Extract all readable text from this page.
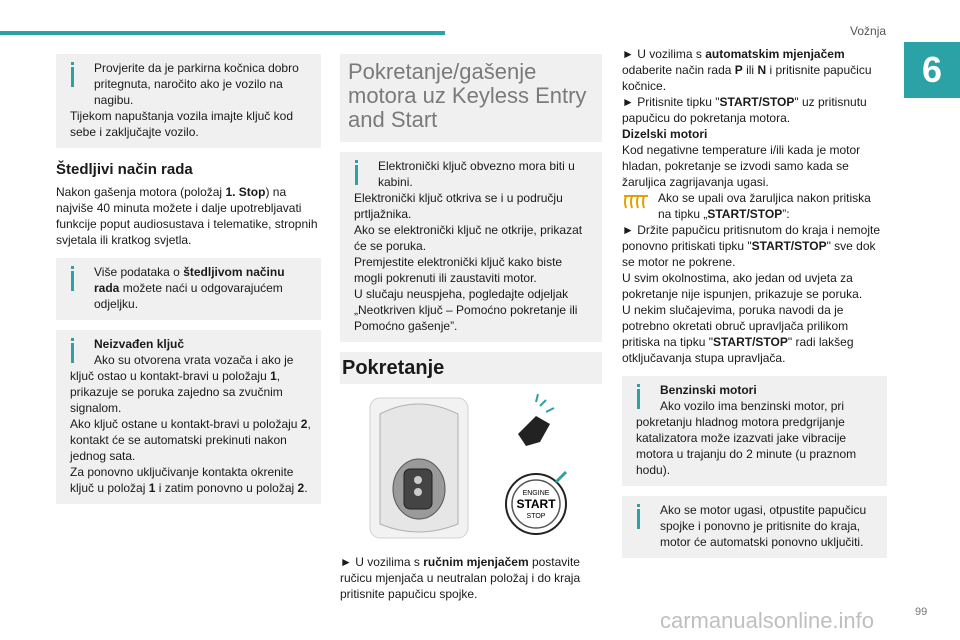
Vožnja
6

Provjerite da je parkirna kočnica dobro pritegnuta, naročito ako je vozilo na nagibu.

Tijekom napuštanja vozila imajte ključ kod sebe i zaključajte vozilo.

Štedljivi način rada

Nakon gašenja motora (položaj 1. Stop) na najviše 40 minuta možete i dalje upotrebljavati funkcije poput audiosustava i telematike, stropnih svjetala ili kratkog svjetla.

Više podataka o štedljivom načinu rada možete naći u odgovarajućem odjeljku.

Neizvađen ključ

Ako su otvorena vrata vozača i ako je ključ ostao u kontakt-bravi u položaju 1, prikazuje se poruka zajedno sa zvučnim signalom.

Ako ključ ostane u kontakt-bravi u položaju 2, kontakt će se automatski prekinuti nakon jednog sata.

Za ponovno uključivanje kontakta okrenite ključ u položaj 1 i zatim ponovno u položaj 2.

Pokretanje/gašenje motora uz Keyless Entry and Start

Elektronički ključ obvezno mora biti u kabini.

Elektronički ključ otkriva se i u području prtljažnika.

Ako se elektronički ključ ne otkrije, prikazat će se poruka.

Premjestite elektronički ključ kako biste mogli pokrenuti ili zaustaviti motor.

U slučaju neuspjeha, pogledajte odjeljak „Neotkriven ključ – Pomoćno pokretanje ili Pomoćno gašenje”.

Pokretanje
ENGINE
START
STOP

► U vozilima s ručnim mjenjačem postavite ručicu mjenjača u neutralan položaj i do kraja pritisnite papučicu spojke.

► U vozilima s automatskim mjenjačem odaberite način rada P ili N i pritisnite papučicu kočnice.

► Pritisnite tipku "START/STOP" uz pritisnutu papučicu do pokretanja motora.

Dizelski motori

Kod negativne temperature i/ili kada je motor hladan, pokretanje se izvodi samo kada se žaruljica zagrijavanja ugasi.

Ako se upali ova žaruljica nakon pritiska na tipku „START/STOP”:

► Držite papučicu pritisnutom do kraja i nemojte ponovno pritiskati tipku "START/STOP" sve dok se motor ne pokrene.

U svim okolnostima, ako jedan od uvjeta za pokretanje nije ispunjen, prikazuje se poruka.

U nekim slučajevima, poruka navodi da je potrebno okretati obruč upravljača prilikom pritiska na tipku "START/STOP" radi lakšeg otključavanja stupa upravljača.

Benzinski motori

Ako vozilo ima benzinski motor, pri pokretanju hladnog motora predgrijanje katalizatora može izazvati jake vibracije motora u trajanju do 2 minute (u praznom hodu).

Ako se motor ugasi, otpustite papučicu spojke i ponovno je pritisnite do kraja, motor će automatski ponovno uključiti.

carmanualsonline.info	99
